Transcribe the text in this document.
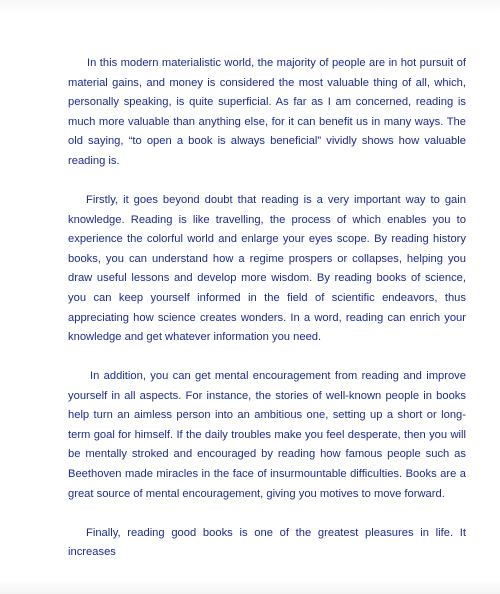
In this modern materialistic world, the majority of people are in hot pursuit of material gains, and money is considered the most valuable thing of all, which, personally speaking, is quite superficial. As far as I am concerned, reading is much more valuable than anything else, for it can benefit us in many ways. The old saying, “to open a book is always beneficial” vividly shows how valuable reading is.

Firstly, it goes beyond doubt that reading is a very important way to gain knowledge. Reading is like travelling, the process of which enables you to experience the colorful world and enlarge your eyes scope. By reading history books, you can understand how a regime prospers or collapses, helping you draw useful lessons and develop more wisdom. By reading books of science, you can keep yourself informed in the field of scientific endeavors, thus appreciating how science creates wonders. In a word, reading can enrich your knowledge and get whatever information you need.

In addition, you can get mental encouragement from reading and improve yourself in all aspects. For instance, the stories of well-known people in books help turn an aimless person into an ambitious one, setting up a short or long-term goal for himself. If the daily troubles make you feel desperate, then you will be mentally stroked and encouraged by reading how famous people such as Beethoven made miracles in the face of insurmountable difficulties. Books are a great source of mental encouragement, giving you motives to move forward.

Finally, reading good books is one of the greatest pleasures in life. It increases
